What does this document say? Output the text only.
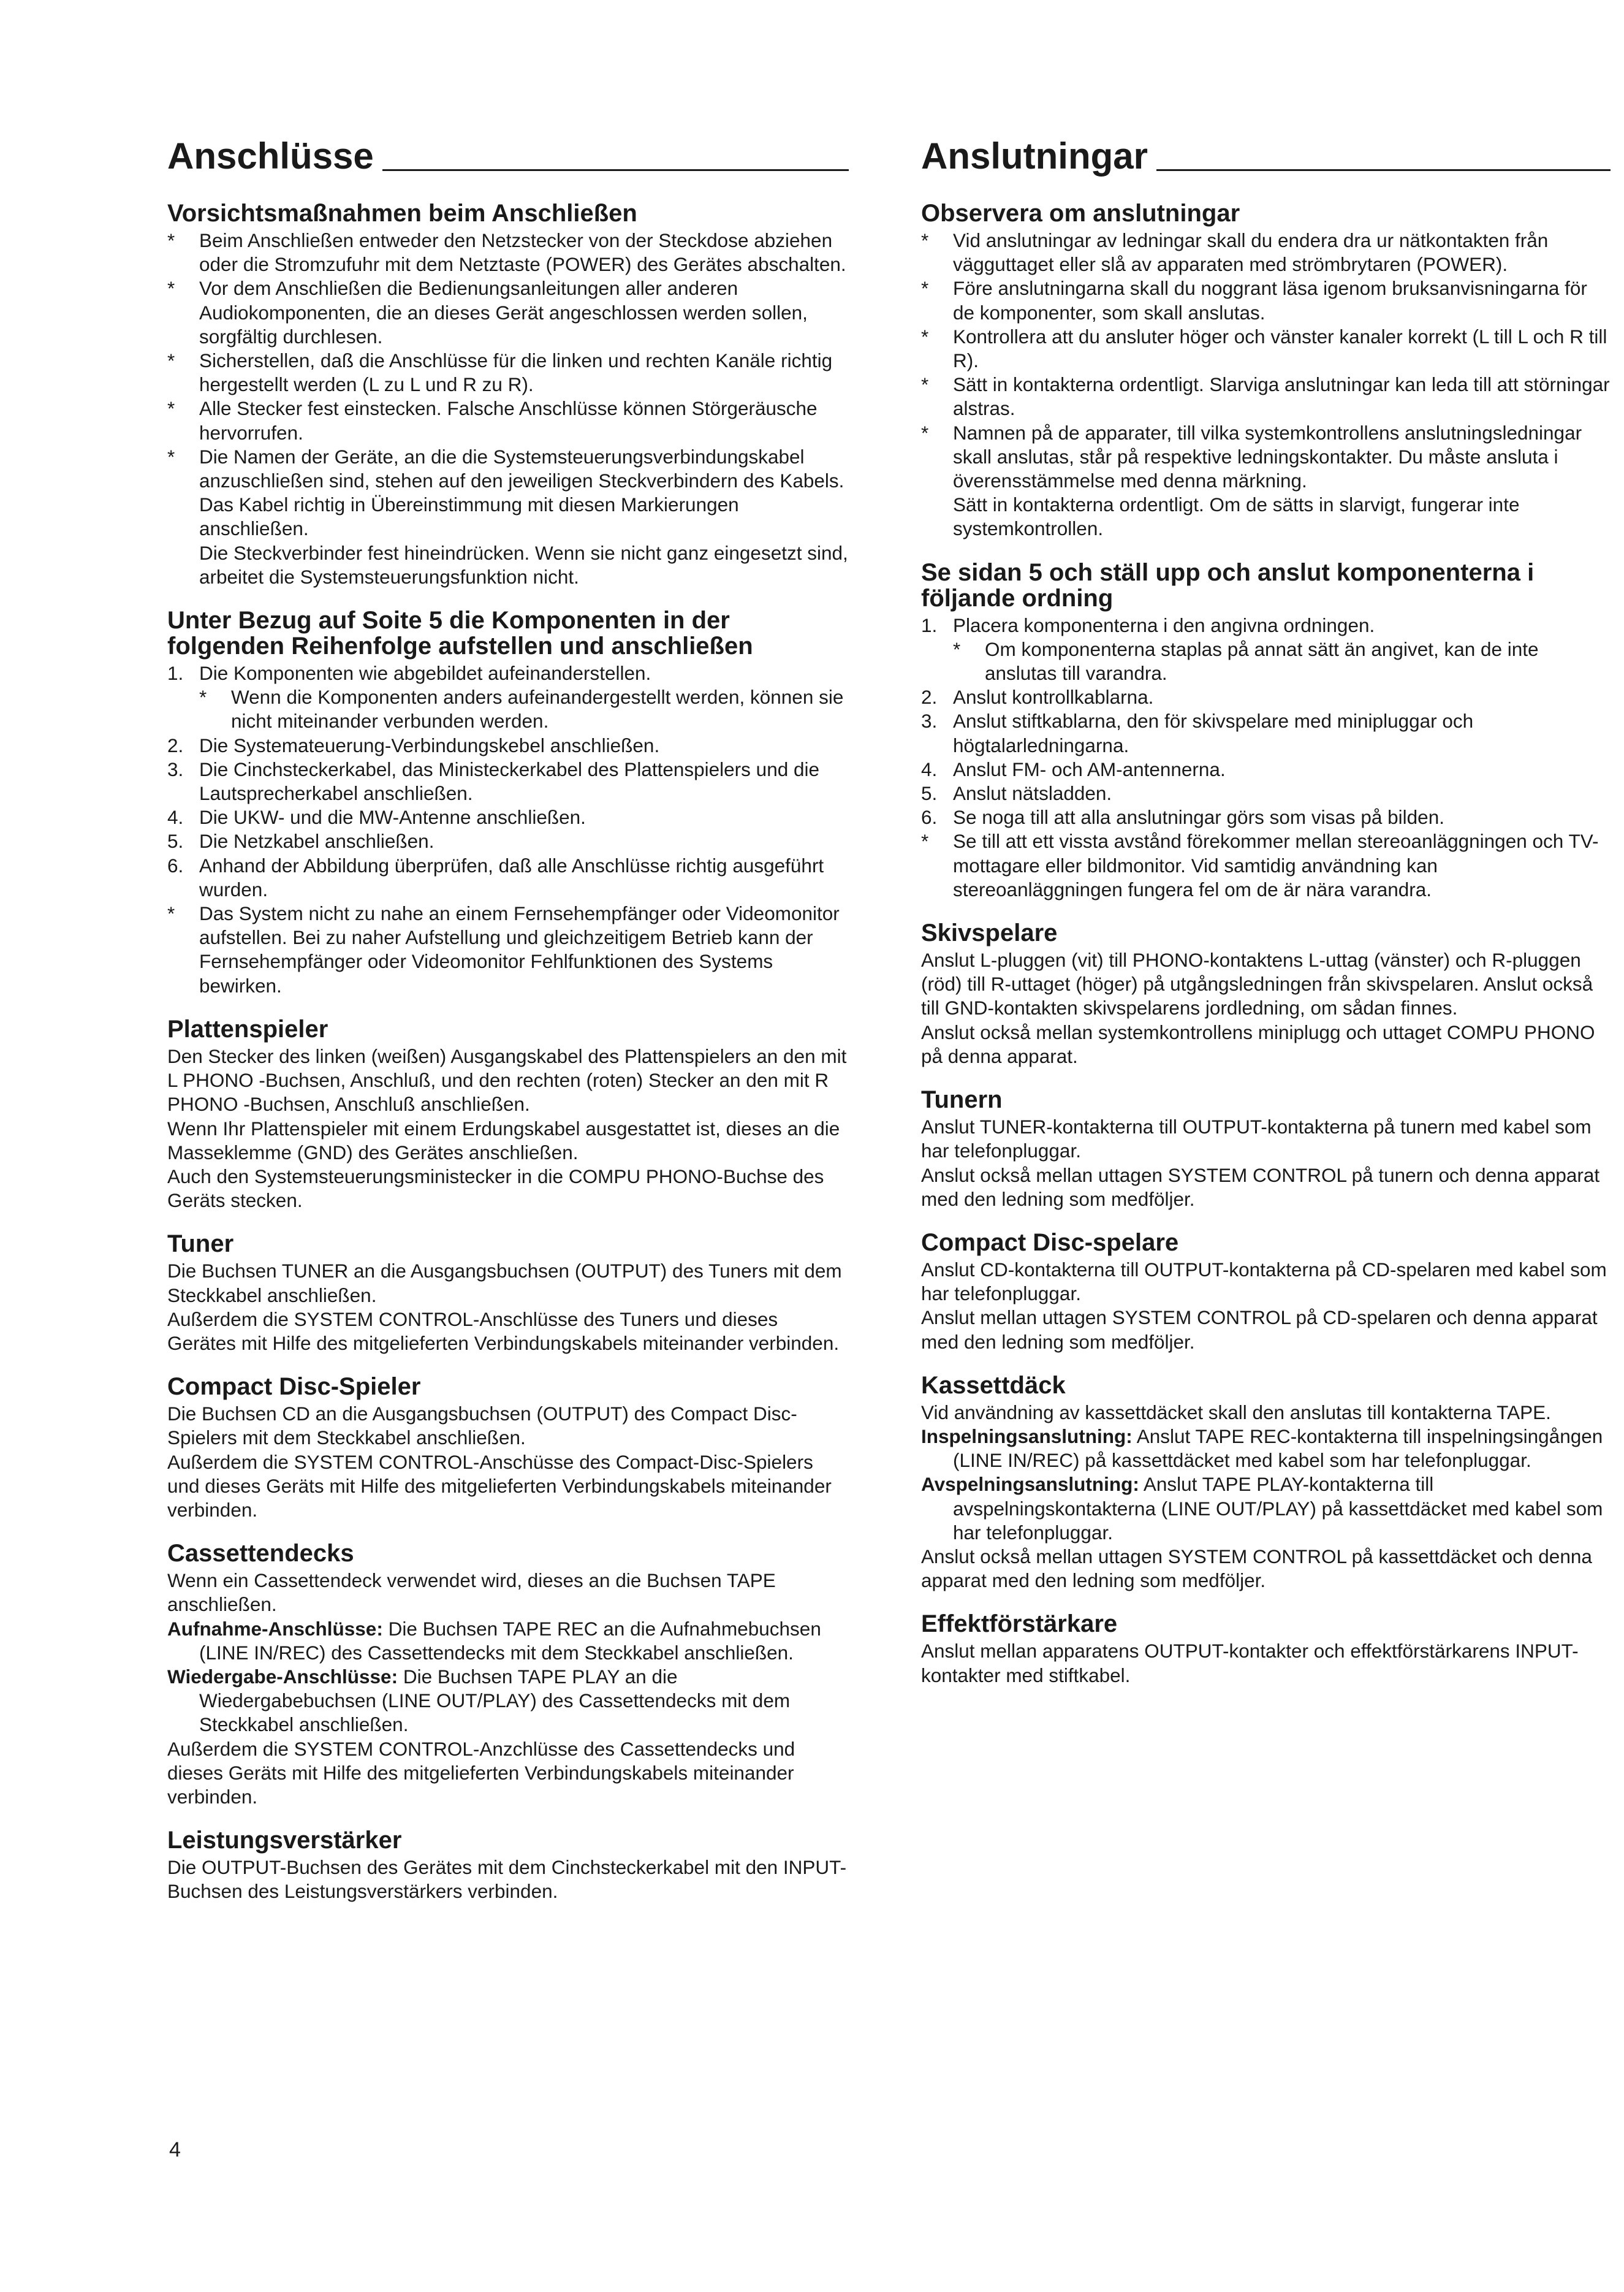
Anschlüsse
Vorsichtsmaßnahmen beim Anschließen
* Beim Anschließen entweder den Netzstecker von der Steckdose abziehen oder die Stromzufuhr mit dem Netztaste (POWER) des Gerätes abschalten.
* Vor dem Anschließen die Bedienungsanleitungen aller anderen Audiokomponenten, die an dieses Gerät angeschlossen werden sollen, sorgfältig durchlesen.
* Sicherstellen, daß die Anschlüsse für die linken und rechten Kanäle richtig hergestellt werden (L zu L und R zu R).
* Alle Stecker fest einstecken. Falsche Anschlüsse können Störgeräusche hervorrufen.
* Die Namen der Geräte, an die die Systemsteuerungsverbindungskabel anzuschließen sind, stehen auf den jeweiligen Steckverbindern des Kabels. Das Kabel richtig in Übereinstimmung mit diesen Markierungen anschließen.
Die Steckverbinder fest hineindrücken. Wenn sie nicht ganz eingesetzt sind, arbeitet die Systemsteuerungsfunktion nicht.
Unter Bezug auf Soite 5 die Komponenten in der folgenden Reihenfolge aufstellen und anschließen
1. Die Komponenten wie abgebildet aufeinanderstellen.
* Wenn die Komponenten anders aufeinandergestellt werden, können sie nicht miteinander verbunden werden.
2. Die Systemateuerung-Verbindungskebel anschließen.
3. Die Cinchsteckerkabel, das Ministeckerkabel des Plattenspielers und die Lautsprecherkabel anschließen.
4. Die UKW- und die MW-Antenne anschließen.
5. Die Netzkabel anschließen.
6. Anhand der Abbildung überprüfen, daß alle Anschlüsse richtig ausgeführt wurden.
* Das System nicht zu nahe an einem Fernsehempfänger oder Videomonitor aufstellen. Bei zu naher Aufstellung und gleichzeitigem Betrieb kann der Fernsehempfänger oder Videomonitor Fehlfunktionen des Systems bewirken.
Plattenspieler

Den Stecker des linken (weißen) Ausgangskabel des Plattenspielers an den mit L PHONO -Buchsen, Anschluß, und den rechten (roten) Stecker an den mit R PHONO -Buchsen, Anschluß anschließen.

Wenn Ihr Plattenspieler mit einem Erdungskabel ausgestattet ist, dieses an die Masseklemme (GND) des Gerätes anschließen.

Auch den Systemsteuerungsministecker in die COMPU PHONO-Buchse des Geräts stecken.

Tuner

Die Buchsen TUNER an die Ausgangsbuchsen (OUTPUT) des Tuners mit dem Steckkabel anschließen.

Außerdem die SYSTEM CONTROL-Anschlüsse des Tuners und dieses Gerätes mit Hilfe des mitgelieferten Verbindungskabels miteinander verbinden.

Compact Disc-Spieler

Die Buchsen CD an die Ausgangsbuchsen (OUTPUT) des Compact Disc-Spielers mit dem Steckkabel anschließen.

Außerdem die SYSTEM CONTROL-Anschüsse des Compact-Disc-Spielers und dieses Geräts mit Hilfe des mitgelieferten Verbindungskabels miteinander verbinden.

Cassettendecks

Wenn ein Cassettendeck verwendet wird, dieses an die Buchsen TAPE anschließen.

Aufnahme-Anschlüsse: Die Buchsen TAPE REC an die Aufnahmebuchsen (LINE IN/REC) des Cassettendecks mit dem Steckkabel anschließen.

Wiedergabe-Anschlüsse: Die Buchsen TAPE PLAY an die Wiedergabebuchsen (LINE OUT/PLAY) des Cassettendecks mit dem Steckkabel anschließen.

Außerdem die SYSTEM CONTROL-Anzchlüsse des Cassettendecks und dieses Geräts mit Hilfe des mitgelieferten Verbindungskabels miteinander verbinden.

Leistungsverstärker

Die OUTPUT-Buchsen des Gerätes mit dem Cinchsteckerkabel mit den INPUT-Buchsen des Leistungsverstärkers verbinden.

Anslutningar
Observera om anslutningar
* Vid anslutningar av ledningar skall du endera dra ur nätkontakten från vägguttaget eller slå av apparaten med strömbrytaren (POWER).
* Före anslutningarna skall du noggrant läsa igenom bruksanvisningarna för de komponenter, som skall anslutas.
* Kontrollera att du ansluter höger och vänster kanaler korrekt (L till L och R till R).
* Sätt in kontakterna ordentligt. Slarviga anslutningar kan leda till att störningar alstras.
* Namnen på de apparater, till vilka systemkontrollens anslutningsledningar skall anslutas, står på respektive ledningskontakter. Du måste ansluta i överensstämmelse med denna märkning.
Sätt in kontakterna ordentligt. Om de sätts in slarvigt, fungerar inte systemkontrollen.
Se sidan 5 och ställ upp och anslut komponenterna i följande ordning
1. Placera komponenterna i den angivna ordningen.
* Om komponenterna staplas på annat sätt än angivet, kan de inte anslutas till varandra.
2. Anslut kontrollkablarna.
3. Anslut stiftkablarna, den för skivspelare med minipluggar och högtalarledningarna.
4. Anslut FM- och AM-antennerna.
5. Anslut nätsladden.
6. Se noga till att alla anslutningar görs som visas på bilden.
* Se till att ett vissta avstånd förekommer mellan stereoanläggningen och TV-mottagare eller bildmonitor. Vid samtidig användning kan stereoanläggningen fungera fel om de är nära varandra.
Skivspelare

Anslut L-pluggen (vit) till PHONO-kontaktens L-uttag (vänster) och R-pluggen (röd) till R-uttaget (höger) på utgångsledningen från skivspelaren. Anslut också till GND-kontakten skivspelarens jordledning, om sådan finnes.

Anslut också mellan systemkontrollens miniplugg och uttaget COMPU PHONO på denna apparat.

Tunern

Anslut TUNER-kontakterna till OUTPUT-kontakterna på tunern med kabel som har telefonpluggar.

Anslut också mellan uttagen SYSTEM CONTROL på tunern och denna apparat med den ledning som medföljer.

Compact Disc-spelare

Anslut CD-kontakterna till OUTPUT-kontakterna på CD-spelaren med kabel som har telefonpluggar.

Anslut mellan uttagen SYSTEM CONTROL på CD-spelaren och denna apparat med den ledning som medföljer.

Kassettdäck

Vid användning av kassettdäcket skall den anslutas till kontakterna TAPE.

Inspelningsanslutning: Anslut TAPE REC-kontakterna till inspelningsingången (LINE IN/REC) på kassettdäcket med kabel som har telefonpluggar.

Avspelningsanslutning: Anslut TAPE PLAY-kontakterna till avspelningskontakterna (LINE OUT/PLAY) på kassettdäcket med kabel som har telefonpluggar.

Anslut också mellan uttagen SYSTEM CONTROL på kassettdäcket och denna apparat med den ledning som medföljer.

Effektförstärkare

Anslut mellan apparatens OUTPUT-kontakter och effektförstärkarens INPUT-kontakter med stiftkabel.

4
